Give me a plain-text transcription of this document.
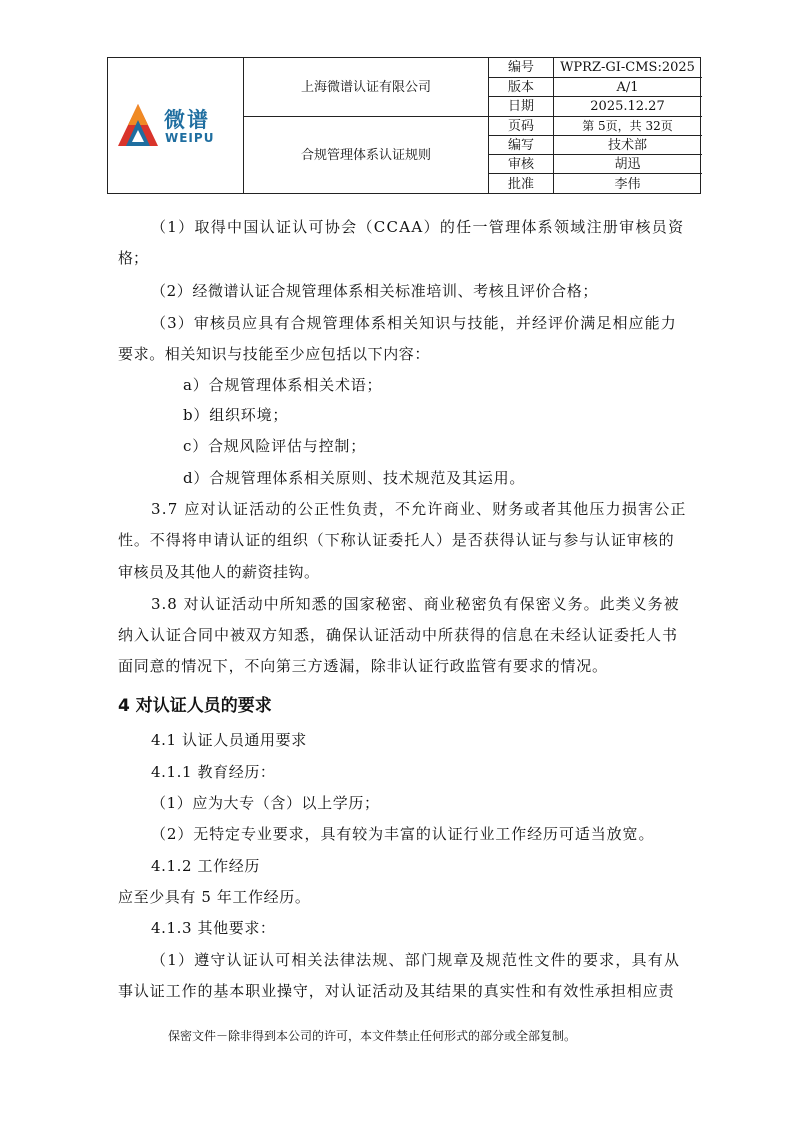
微谱
WEIPU
上海微谱认证有限公司
合规管理体系认证规则
编号
版本
日期
页码
编写
审核
批准
WPRZ-GI-CMS:2025
A/1
2025.12.27
第 5页，共 32页
技术部
胡迅
李伟
（1）取得中国认证认可协会（CCAA）的任一管理体系领域注册审核员资
格；
（2）经微谱认证合规管理体系相关标准培训、考核且评价合格；
（3）审核员应具有合规管理体系相关知识与技能，并经评价满足相应能力
要求。相关知识与技能至少应包括以下内容：
a）合规管理体系相关术语；
b）组织环境；
c）合规风险评估与控制；
d）合规管理体系相关原则、技术规范及其运用。
3.7 应对认证活动的公正性负责，不允许商业、财务或者其他压力损害公正
性。不得将申请认证的组织（下称认证委托人）是否获得认证与参与认证审核的
审核员及其他人的薪资挂钩。
3.8 对认证活动中所知悉的国家秘密、商业秘密负有保密义务。此类义务被
纳入认证合同中被双方知悉，确保认证活动中所获得的信息在未经认证委托人书
面同意的情况下，不向第三方透漏，除非认证行政监管有要求的情况。
4 对认证人员的要求
4.1 认证人员通用要求
4.1.1 教育经历：
（1）应为大专（含）以上学历；
（2）无特定专业要求，具有较为丰富的认证行业工作经历可适当放宽。
4.1.2 工作经历
应至少具有 5 年工作经历。
4.1.3 其他要求：
（1）遵守认证认可相关法律法规、部门规章及规范性文件的要求，具有从
事认证工作的基本职业操守，对认证活动及其结果的真实性和有效性承担相应责
保密文件－除非得到本公司的许可，本文件禁止任何形式的部分或全部复制。
